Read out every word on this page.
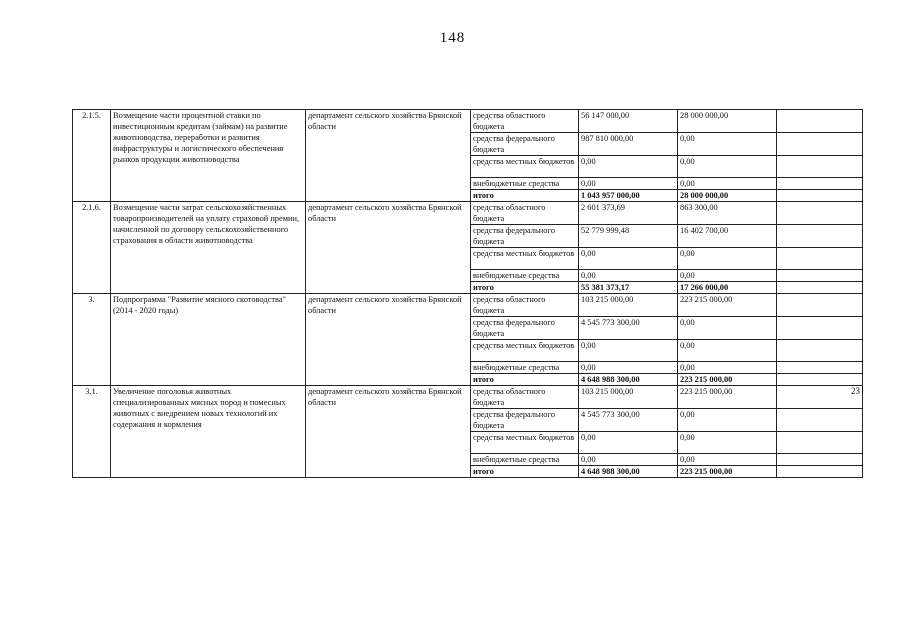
148
2.1.5.	Возмещение части процентной ставки по инвестиционным кредитам (займам) на развитие животноводства, переработки и развития инфраструктуры и логистического обеспечения рынков продукции животноводства	департамент сельского хозяйства Брянской области	средства областного бюджета	56 147 000,00	28 000 000,00	
			средства федерального бюджета	987 810 000,00	0,00	
			средства местных бюджетов	0,00	0,00	
			внебюджетные средства	0,00	0,00	
			итого	1 043 957 000,00	28 000 000,00	
2.1.6.	Возмещение части затрат сельскохозяйственных товаропроизводителей на уплату страховой премии, начисленной по договору сельскохозяйственного страхования в области животноводства	департамент сельского хозяйства Брянской области	средства областного бюджета	2 601 373,69	863 300,00	
			средства федерального бюджета	52 779 999,48	16 402 700,00	
			средства местных бюджетов	0,00	0,00	
			внебюджетные средства	0,00	0,00	
			итого	55 381 373,17	17 266 000,00	
3.	Подпрограмма "Развитие мясного скотоводства" (2014 - 2020 годы)	департамент сельского хозяйства Брянской области	средства областного бюджета	103 215 000,00	223 215 000,00	
			средства федерального бюджета	4 545 773 300,00	0,00	
			средства местных бюджетов	0,00	0,00	
			внебюджетные средства	0,00	0,00	
			итого	4 648 988 300,00	223 215 000,00	
3.1.	Увеличение поголовья животных специализированных мясных пород и помесных животных с внедрением новых технологий их содержания и кормления	департамент сельского хозяйства Брянской области	средства областного бюджета	103 215 000,00	223 215 000,00	23
			средства федерального бюджета	4 545 773 300,00	0,00	
			средства местных бюджетов	0,00	0,00	
			внебюджетные средства	0,00	0,00	
			итого	4 648 988 300,00	223 215 000,00	
